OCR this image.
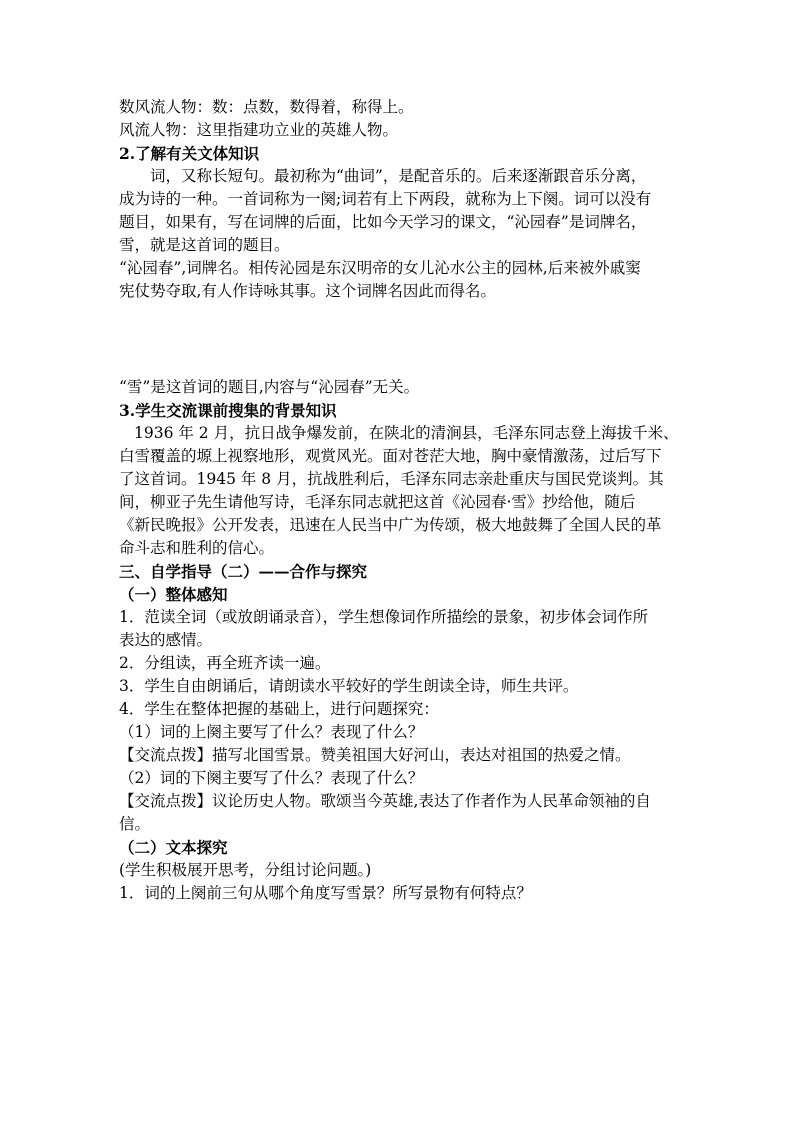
数风流人物：数：点数，数得着，称得上。

风流人物：这里指建功立业的英雄人物。

2.了解有关文体知识

词，又称长短句。最初称为“曲词”，是配音乐的。后来逐渐跟音乐分离，

成为诗的一种。一首词称为一阕;词若有上下两段，就称为上下阕。词可以没有

题目，如果有，写在词牌的后面，比如今天学习的课文，“沁园春”是词牌名，

雪，就是这首词的题目。

“沁园春”,词牌名。相传沁园是东汉明帝的女儿沁水公主的园林,后来被外戚窦

宪仗势夺取,有人作诗咏其事。这个词牌名因此而得名。

“雪”是这首词的题目,内容与“沁园春”无关。

3.学生交流课前搜集的背景知识

1936 年 2 月，抗日战争爆发前，在陕北的清涧县，毛泽东同志登上海拔千米、

白雪覆盖的塬上视察地形，观赏风光。面对苍茫大地，胸中豪情激荡，过后写下

了这首词。1945 年 8 月，抗战胜利后，毛泽东同志亲赴重庆与国民党谈判。其

间，柳亚子先生请他写诗，毛泽东同志就把这首《沁园春·雪》抄给他，随后

《新民晚报》公开发表，迅速在人民当中广为传颂，极大地鼓舞了全国人民的革

命斗志和胜利的信心。

三、自学指导（二）——合作与探究

（一）整体感知

1．范读全词（或放朗诵录音），学生想像词作所描绘的景象，初步体会词作所

表达的感情。

2．分组读，再全班齐读一遍。

3．学生自由朗诵后，请朗读水平较好的学生朗读全诗，师生共评。

4．学生在整体把握的基础上，进行问题探究：

（1）词的上阕主要写了什么？表现了什么？

【交流点拨】描写北国雪景。赞美祖国大好河山，表达对祖国的热爱之情。

（2）词的下阕主要写了什么？表现了什么？

【交流点拨】议论历史人物。歌颂当今英雄,表达了作者作为人民革命领袖的自

信。

（二）文本探究

(学生积极展开思考，分组讨论问题。)

1．词的上阕前三句从哪个角度写雪景？所写景物有何特点？
